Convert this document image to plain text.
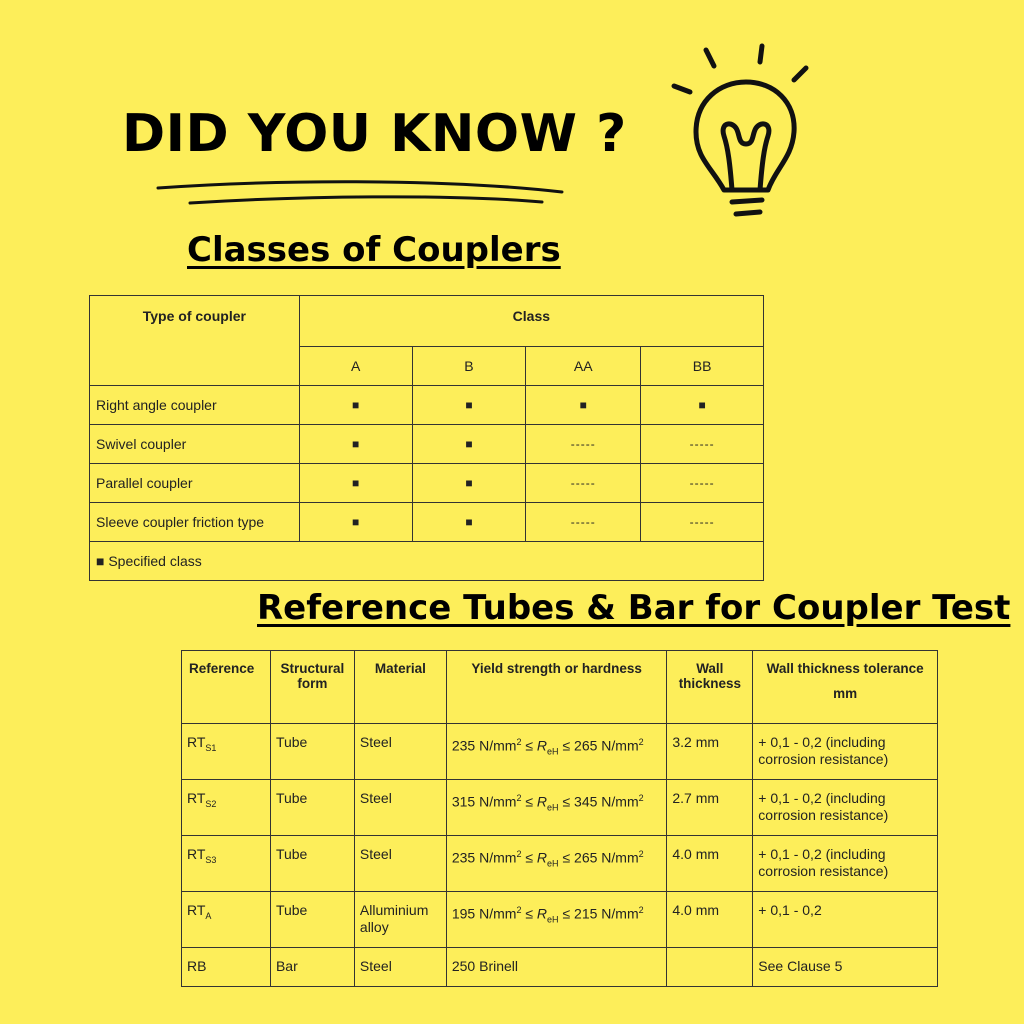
DID YOU KNOW ?
Classes of Couplers
Type of coupler	Class			
	A	B	AA	BB
Right angle coupler	■	■	■	■
Swivel coupler	■	■	-----	-----
Parallel coupler	■	■	-----	-----
Sleeve coupler friction type	■	■	-----	-----
■ Specified class				
Reference Tubes & Bar for Coupler Test
Reference	Structural form	Material	Yield strength or hardness	Wall thickness	Wall thickness tolerance
mm

$RT_{S1}$	Tube	Steel	235 $N/mm^2 \le R_{eH} \le 265$ $N/mm^2$	3.2 mm	+ 0,1 - 0,2 (including corrosion resistance)
$RT_{S2}$	Tube	Steel	315 $N/mm^2 \le R_{eH} \le 345$ $N/mm^2$	2.7 mm	+ 0,1 - 0,2 (including corrosion resistance)
$RT_{S3}$	Tube	Steel	235 $N/mm^2 \le R_{eH} \le 265$ $N/mm^2$	4.0 mm	+ 0,1 - 0,2 (including corrosion resistance)
$RT_A$	Tube	Alluminium alloy	195 $N/mm^2 \le R_{eH} \le 215$ $N/mm^2$	4.0 mm	+ 0,1 - 0,2
RB	Bar	Steel	250 Brinell		See Clause 5
